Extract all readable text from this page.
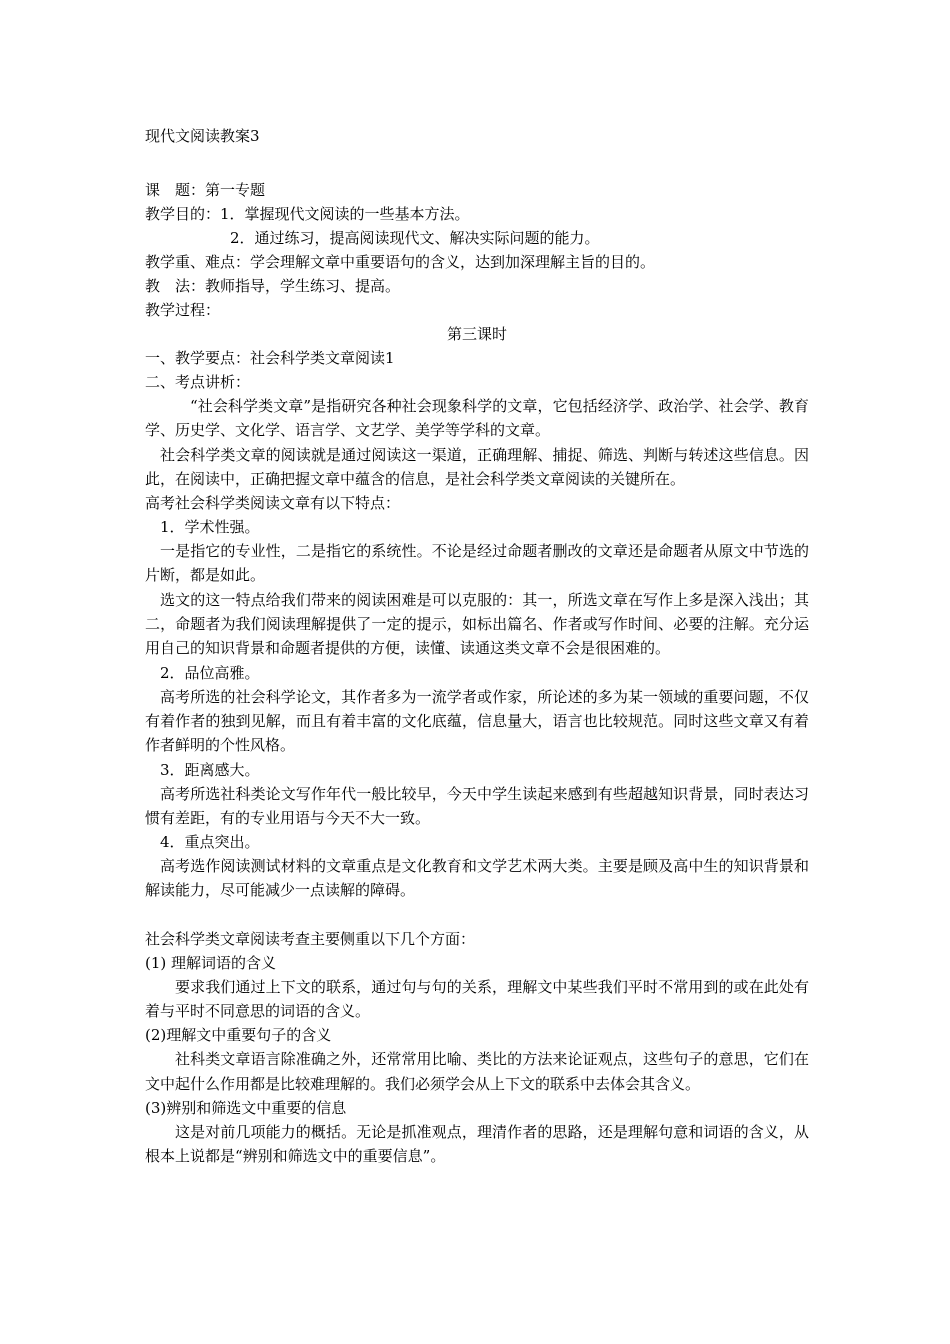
现代文阅读教案3
课　题：第一专题
教学目的：1．掌握现代文阅读的一些基本方法。
2．通过练习，提高阅读现代文、解决实际问题的能力。
教学重、难点：学会理解文章中重要语句的含义，达到加深理解主旨的目的。
教　法：教师指导，学生练习、提高。
教学过程：
第三课时
一、教学要点：社会科学类文章阅读1
二、考点讲析：
“社会科学类文章”是指研究各种社会现象科学的文章，它包括经济学、政治学、社会学、教育学、历史学、文化学、语言学、文艺学、美学等学科的文章。
社会科学类文章的阅读就是通过阅读这一渠道，正确理解、捕捉、筛选、判断与转述这些信息。因此，在阅读中，正确把握文章中蕴含的信息，是社会科学类文章阅读的关键所在。
高考社会科学类阅读文章有以下特点：
1．学术性强。
一是指它的专业性，二是指它的系统性。不论是经过命题者删改的文章还是命题者从原文中节选的片断，都是如此。
选文的这一特点给我们带来的阅读困难是可以克服的：其一，所选文章在写作上多是深入浅出；其二，命题者为我们阅读理解提供了一定的提示，如标出篇名、作者或写作时间、必要的注解。充分运用自己的知识背景和命题者提供的方便，读懂、读通这类文章不会是很困难的。
2．品位高雅。
高考所选的社会科学论文，其作者多为一流学者或作家，所论述的多为某一领域的重要问题，不仅有着作者的独到见解，而且有着丰富的文化底蕴，信息量大，语言也比较规范。同时这些文章又有着作者鲜明的个性风格。
3．距离感大。
高考所选社科类论文写作年代一般比较早，今天中学生读起来感到有些超越知识背景，同时表达习惯有差距，有的专业用语与今天不大一致。
4．重点突出。
高考选作阅读测试材料的文章重点是文化教育和文学艺术两大类。主要是顾及高中生的知识背景和解读能力，尽可能减少一点读解的障碍。
社会科学类文章阅读考查主要侧重以下几个方面：
(1) 理解词语的含义
要求我们通过上下文的联系，通过句与句的关系，理解文中某些我们平时不常用到的或在此处有着与平时不同意思的词语的含义。
(2)理解文中重要句子的含义
社科类文章语言除准确之外，还常常用比喻、类比的方法来论证观点，这些句子的意思，它们在文中起什么作用都是比较难理解的。我们必须学会从上下文的联系中去体会其含义。
(3)辨别和筛选文中重要的信息
这是对前几项能力的概括。无论是抓准观点，理清作者的思路，还是理解句意和词语的含义，从根本上说都是“辨别和筛选文中的重要信息”。
